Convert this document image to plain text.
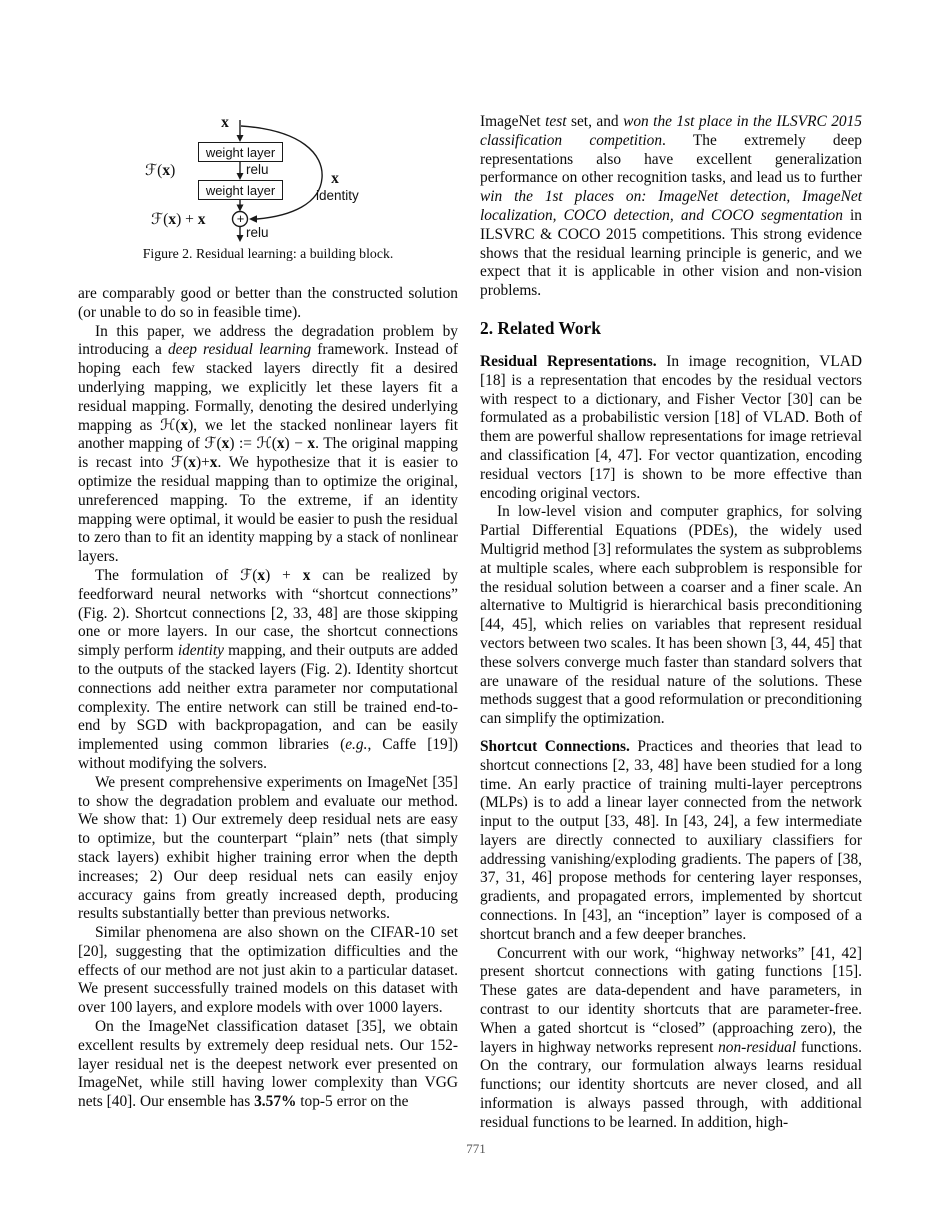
x
weight layer
ℱ(x)	relu
weight layer
+
ℱ(x) + x
relu
x
identity
Figure 2. Residual learning: a building block.

are comparably good or better than the constructed solution (or unable to do so in feasible time).

In this paper, we address the degradation problem by introducing a deep residual learning framework. Instead of hoping each few stacked layers directly fit a desired underlying mapping, we explicitly let these layers fit a residual mapping. Formally, denoting the desired underlying mapping as ℋ(x), we let the stacked nonlinear layers fit another mapping of ℱ(x) := ℋ(x) − x. The original mapping is recast into ℱ(x)+x. We hypothesize that it is easier to optimize the residual mapping than to optimize the original, unreferenced mapping. To the extreme, if an identity mapping were optimal, it would be easier to push the residual to zero than to fit an identity mapping by a stack of nonlinear layers.

The formulation of ℱ(x) + x can be realized by feedforward neural networks with “shortcut connections” (Fig. 2). Shortcut connections [2, 33, 48] are those skipping one or more layers. In our case, the shortcut connections simply perform identity mapping, and their outputs are added to the outputs of the stacked layers (Fig. 2). Identity shortcut connections add neither extra parameter nor computational complexity. The entire network can still be trained end-to-end by SGD with backpropagation, and can be easily implemented using common libraries (e.g., Caffe [19]) without modifying the solvers.

We present comprehensive experiments on ImageNet [35] to show the degradation problem and evaluate our method. We show that: 1) Our extremely deep residual nets are easy to optimize, but the counterpart “plain” nets (that simply stack layers) exhibit higher training error when the depth increases; 2) Our deep residual nets can easily enjoy accuracy gains from greatly increased depth, producing results substantially better than previous networks.

Similar phenomena are also shown on the CIFAR-10 set [20], suggesting that the optimization difficulties and the effects of our method are not just akin to a particular dataset. We present successfully trained models on this dataset with over 100 layers, and explore models with over 1000 layers.

On the ImageNet classification dataset [35], we obtain excellent results by extremely deep residual nets. Our 152-layer residual net is the deepest network ever presented on ImageNet, while still having lower complexity than VGG nets [40]. Our ensemble has 3.57% top-5 error on the

ImageNet test set, and won the 1st place in the ILSVRC 2015 classification competition. The extremely deep representations also have excellent generalization performance on other recognition tasks, and lead us to further win the 1st places on: ImageNet detection, ImageNet localization, COCO detection, and COCO segmentation in ILSVRC & COCO 2015 competitions. This strong evidence shows that the residual learning principle is generic, and we expect that it is applicable in other vision and non-vision problems.

2. Related Work

Residual Representations. In image recognition, VLAD [18] is a representation that encodes by the residual vectors with respect to a dictionary, and Fisher Vector [30] can be formulated as a probabilistic version [18] of VLAD. Both of them are powerful shallow representations for image retrieval and classification [4, 47]. For vector quantization, encoding residual vectors [17] is shown to be more effective than encoding original vectors.

In low-level vision and computer graphics, for solving Partial Differential Equations (PDEs), the widely used Multigrid method [3] reformulates the system as subproblems at multiple scales, where each subproblem is responsible for the residual solution between a coarser and a finer scale. An alternative to Multigrid is hierarchical basis preconditioning [44, 45], which relies on variables that represent residual vectors between two scales. It has been shown [3, 44, 45] that these solvers converge much faster than standard solvers that are unaware of the residual nature of the solutions. These methods suggest that a good reformulation or preconditioning can simplify the optimization.

Shortcut Connections. Practices and theories that lead to shortcut connections [2, 33, 48] have been studied for a long time. An early practice of training multi-layer perceptrons (MLPs) is to add a linear layer connected from the network input to the output [33, 48]. In [43, 24], a few intermediate layers are directly connected to auxiliary classifiers for addressing vanishing/exploding gradients. The papers of [38, 37, 31, 46] propose methods for centering layer responses, gradients, and propagated errors, implemented by shortcut connections. In [43], an “inception” layer is composed of a shortcut branch and a few deeper branches.

Concurrent with our work, “highway networks” [41, 42] present shortcut connections with gating functions [15]. These gates are data-dependent and have parameters, in contrast to our identity shortcuts that are parameter-free. When a gated shortcut is “closed” (approaching zero), the layers in highway networks represent non-residual functions. On the contrary, our formulation always learns residual functions; our identity shortcuts are never closed, and all information is always passed through, with additional residual functions to be learned. In addition, high-

771
